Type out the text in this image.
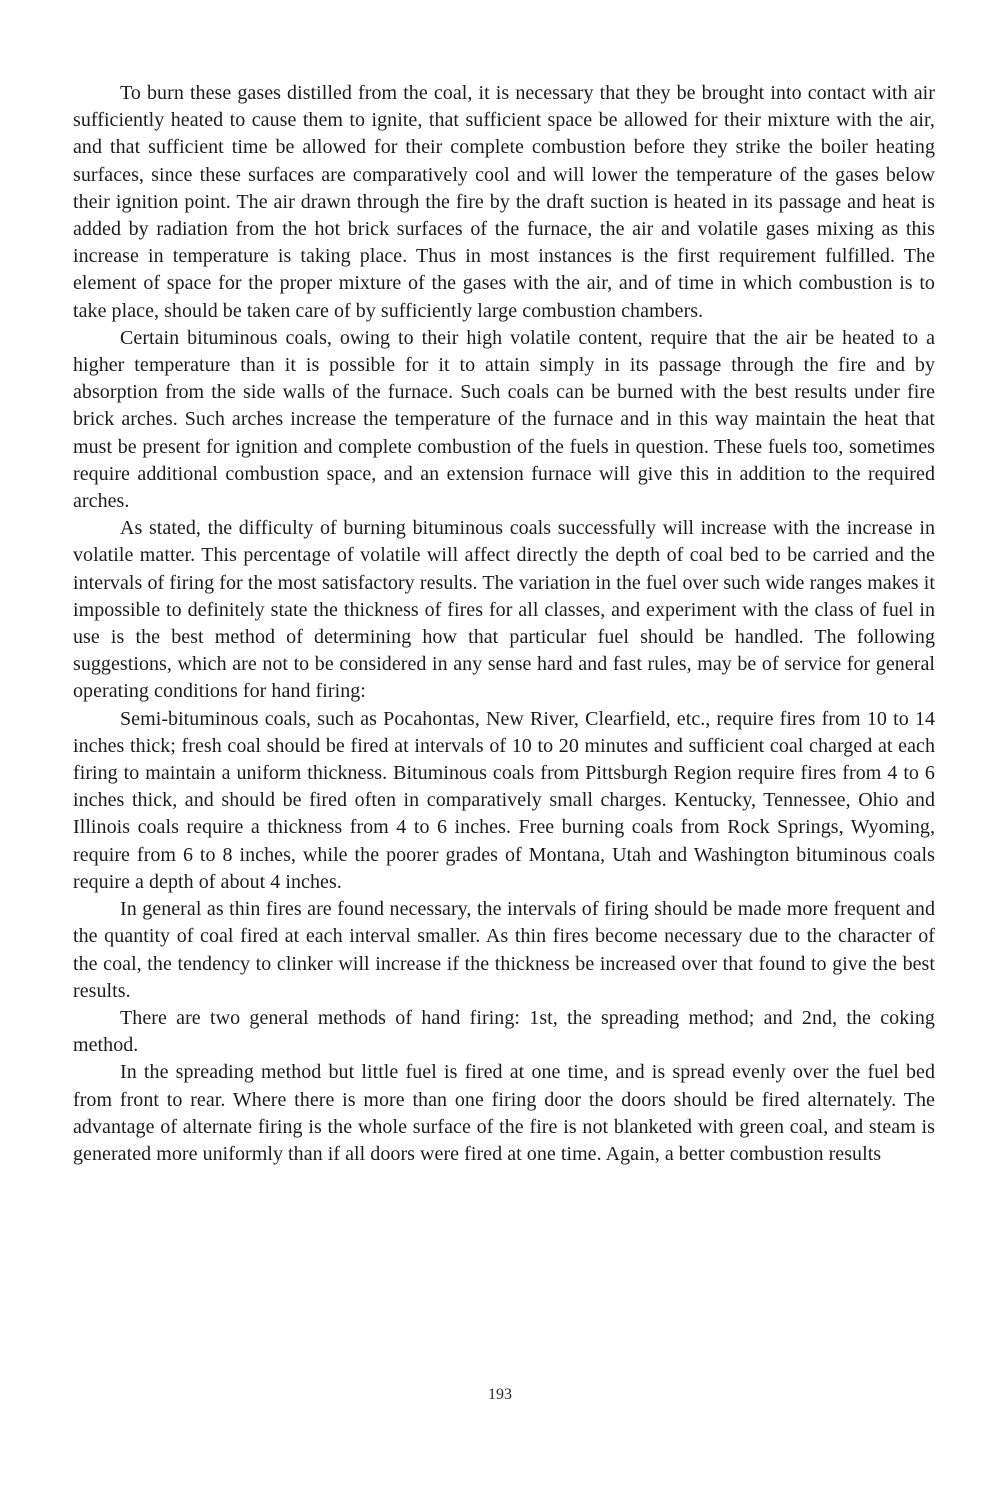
To burn these gases distilled from the coal, it is necessary that they be brought into contact with air sufficiently heated to cause them to ignite, that sufficient space be allowed for their mixture with the air, and that sufficient time be allowed for their complete combustion before they strike the boiler heating surfaces, since these surfaces are comparatively cool and will lower the temperature of the gases below their ignition point. The air drawn through the fire by the draft suction is heated in its passage and heat is added by radiation from the hot brick surfaces of the furnace, the air and volatile gases mixing as this increase in temperature is taking place. Thus in most instances is the first requirement fulfilled. The element of space for the proper mixture of the gases with the air, and of time in which combustion is to take place, should be taken care of by sufficiently large combustion chambers.

Certain bituminous coals, owing to their high volatile content, require that the air be heated to a higher temperature than it is possible for it to attain simply in its passage through the fire and by absorption from the side walls of the furnace. Such coals can be burned with the best results under fire brick arches. Such arches increase the temperature of the furnace and in this way maintain the heat that must be present for ignition and complete combustion of the fuels in question. These fuels too, sometimes require additional combustion space, and an extension furnace will give this in addition to the required arches.

As stated, the difficulty of burning bituminous coals successfully will increase with the increase in volatile matter. This percentage of volatile will affect directly the depth of coal bed to be carried and the intervals of firing for the most satisfactory results. The variation in the fuel over such wide ranges makes it impossible to definitely state the thickness of fires for all classes, and experiment with the class of fuel in use is the best method of determining how that particular fuel should be handled. The following suggestions, which are not to be considered in any sense hard and fast rules, may be of service for general operating conditions for hand firing:

Semi-bituminous coals, such as Pocahontas, New River, Clearfield, etc., require fires from 10 to 14 inches thick; fresh coal should be fired at intervals of 10 to 20 minutes and sufficient coal charged at each firing to maintain a uniform thickness. Bituminous coals from Pittsburgh Region require fires from 4 to 6 inches thick, and should be fired often in comparatively small charges. Kentucky, Tennessee, Ohio and Illinois coals require a thickness from 4 to 6 inches. Free burning coals from Rock Springs, Wyoming, require from 6 to 8 inches, while the poorer grades of Montana, Utah and Washington bituminous coals require a depth of about 4 inches.

In general as thin fires are found necessary, the intervals of firing should be made more frequent and the quantity of coal fired at each interval smaller. As thin fires become necessary due to the character of the coal, the tendency to clinker will increase if the thickness be increased over that found to give the best results.

There are two general methods of hand firing: 1st, the spreading method; and 2nd, the coking method.

In the spreading method but little fuel is fired at one time, and is spread evenly over the fuel bed from front to rear. Where there is more than one firing door the doors should be fired alternately. The advantage of alternate firing is the whole surface of the fire is not blanketed with green coal, and steam is generated more uniformly than if all doors were fired at one time. Again, a better combustion results

193
